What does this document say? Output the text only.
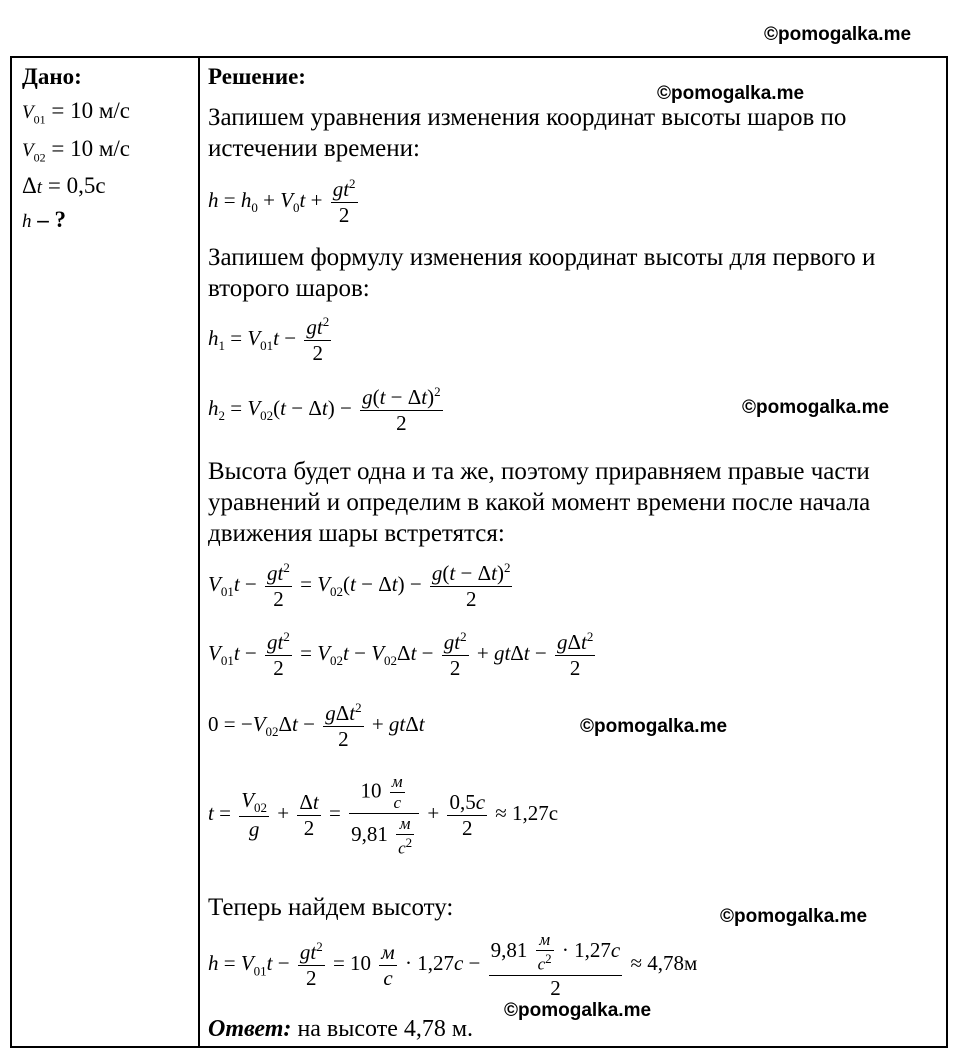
©pomogalka.me
©pomogalka.me
©pomogalka.me
©pomogalka.me
©pomogalka.me
©pomogalka.me
Дано:
$V_{01} = 10$ м/с
$V_{02} = 10$ м/с
Δt = 0,5с
h – ?
Решение:

Запишем уравнения изменения координат высоты шаров по истечении времени:

$h = h_0 + V_0t + \frac{gt^2}{2}$

Запишем формулу изменения координат высоты для первого и второго шаров:

$h_1 = V_{01}t - \frac{gt^2}{2}$
$h_2 = V_{02}(t - \Delta t) - \frac{g(t - \Delta t)^2}{2}$

Высота будет одна и та же, поэтому приравняем правые части уравнений и определим в какой момент времени после начала движения шары встретятся:

$V_{01}t - \frac{gt^2}{2} = V_{02}(t - \Delta t) - \frac{g(t - \Delta t)^2}{2}$
$V_{01}t - \frac{gt^2}{2} = V_{02}t - V_{02}\Delta t - \frac{gt^2}{2} + gt\Delta t - g\Delta t^2$
2
$0 = -V_{02}\Delta t - g\Delta t^2$
2
+ gtΔt
$t = \frac{V_{02}}{g} + \frac{\Delta t}{2}$ =
10 м
с
9,81 м
$с^2$
+ 0,5с
2
≈ 1,27с

Теперь найдем высоту:

$h = V_{01}t - \frac{gt^2}{2} = 10$ м
с
· 1,27с −
9,81 м
$с^2 \cdot 1,27с$
2
≈ 4,78м
Ответ: на высоте 4,78 м.
